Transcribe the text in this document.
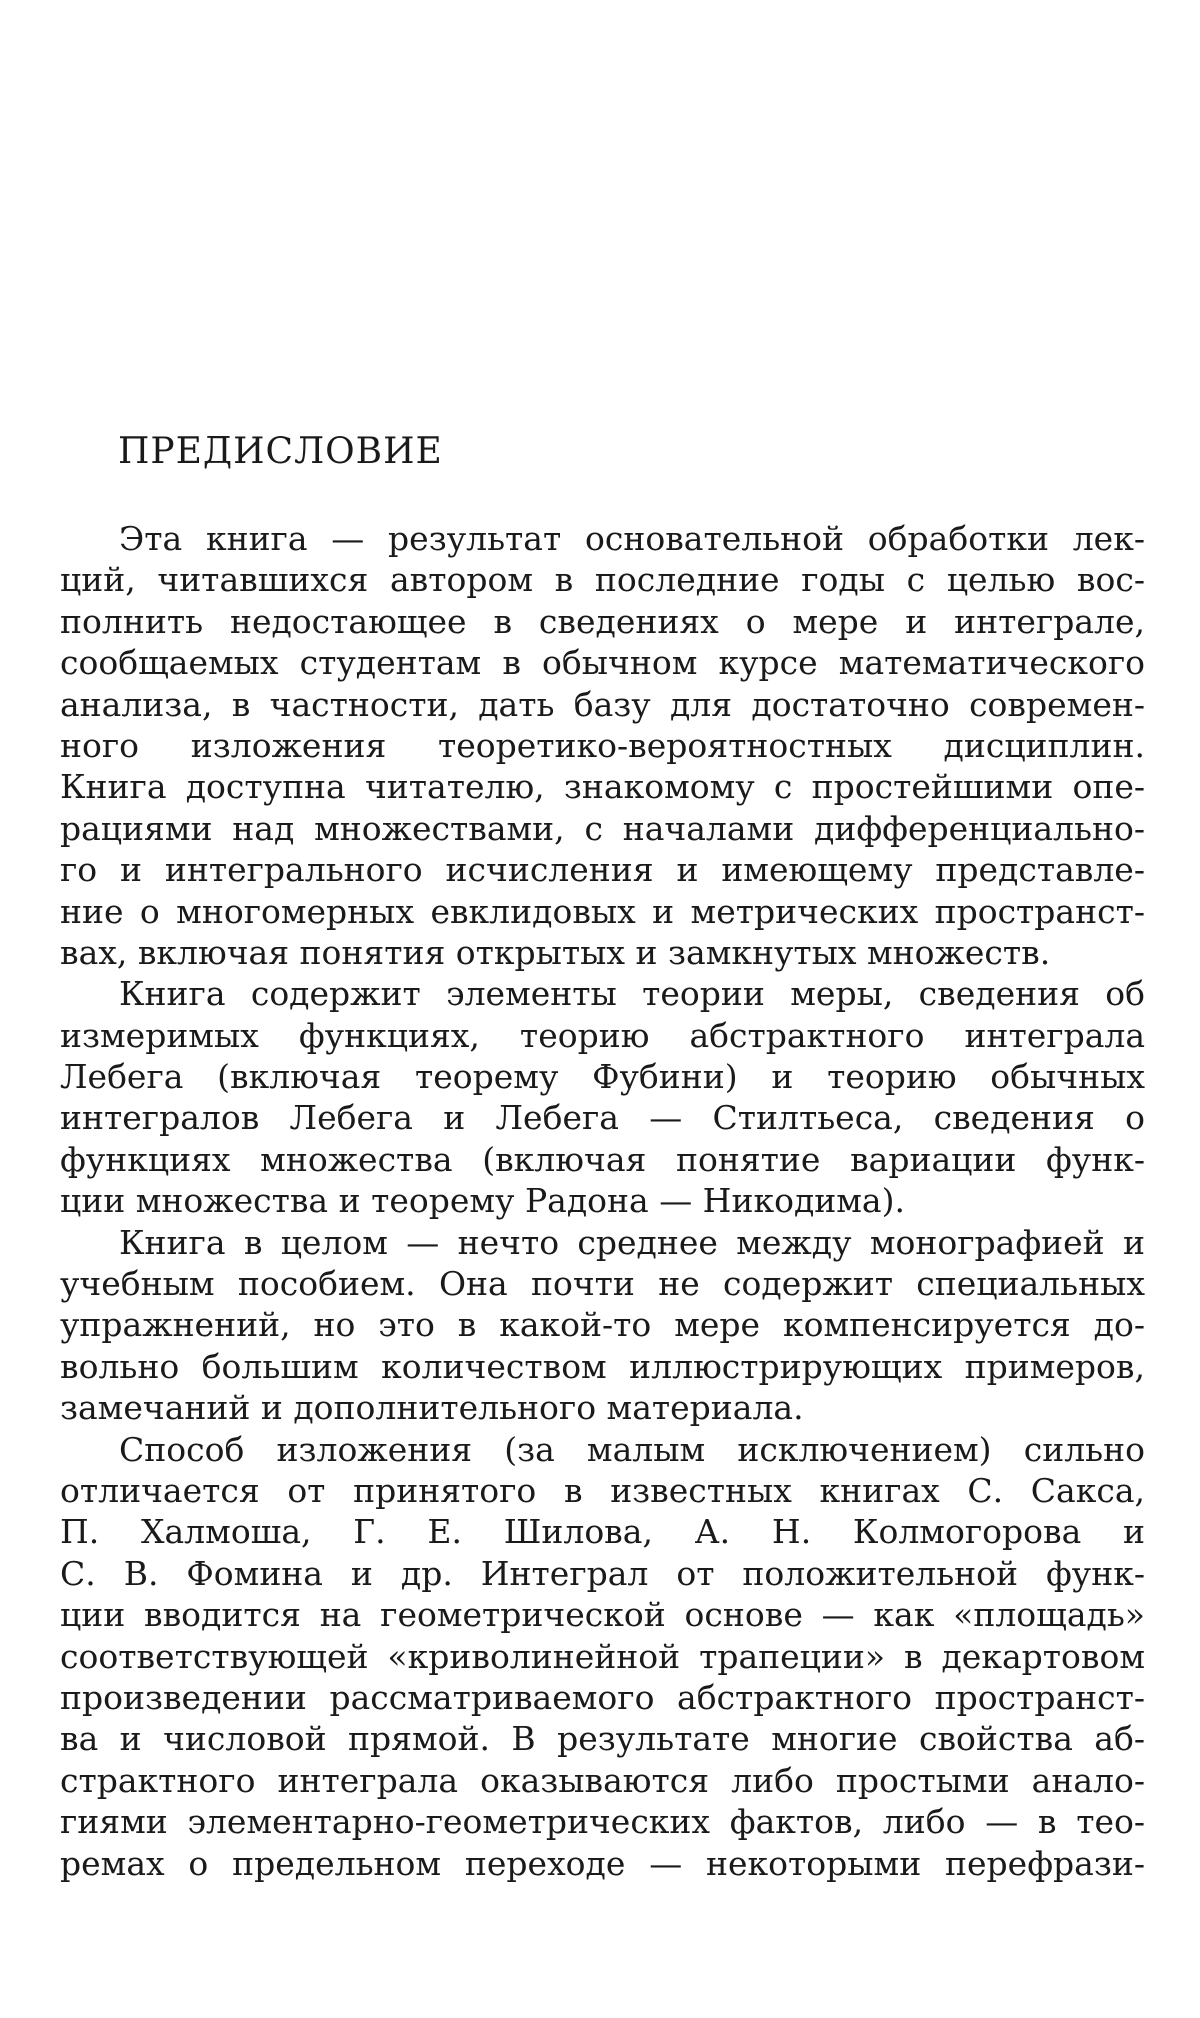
ПРЕДИСЛОВИЕ
Эта книга — результат основательной обработки лек-
ций, читавшихся автором в последние годы с целью вос-
полнить недостающее в сведениях о мере и интеграле,
сообщаемых студентам в обычном курсе математического
анализа, в частности, дать базу для достаточно современ-
ного изложения теоретико-вероятностных дисциплин.
Книга доступна читателю, знакомому с простейшими опе-
рациями над множествами, с началами дифференциально-
го и интегрального исчисления и имеющему представле-
ние о многомерных евклидовых и метрических пространст-
вах, включая понятия открытых и замкнутых множеств.
Книга содержит элементы теории меры, сведения об
измеримых функциях, теорию абстрактного интеграла
Лебега (включая теорему Фубини) и теорию обычных
интегралов Лебега и Лебега — Стилтьеса, сведения о
функциях множества (включая понятие вариации функ-
ции множества и теорему Радона — Никодима).
Книга в целом — нечто среднее между монографией и
учебным пособием. Она почти не содержит специальных
упражнений, но это в какой-то мере компенсируется до-
вольно большим количеством иллюстрирующих примеров,
замечаний и дополнительного материала.
Способ изложения (за малым исключением) сильно
отличается от принятого в известных книгах С. Сакса,
П. Халмоша, Г. Е. Шилова, А. Н. Колмогорова и
С. В. Фомина и др. Интеграл от положительной функ-
ции вводится на геометрической основе — как «площадь»
соответствующей «криволинейной трапеции» в декартовом
произведении рассматриваемого абстрактного пространст-
ва и числовой прямой. В результате многие свойства аб-
страктного интеграла оказываются либо простыми анало-
гиями элементарно-геометрических фактов, либо — в тео-
ремах о предельном переходе — некоторыми перефрази-
